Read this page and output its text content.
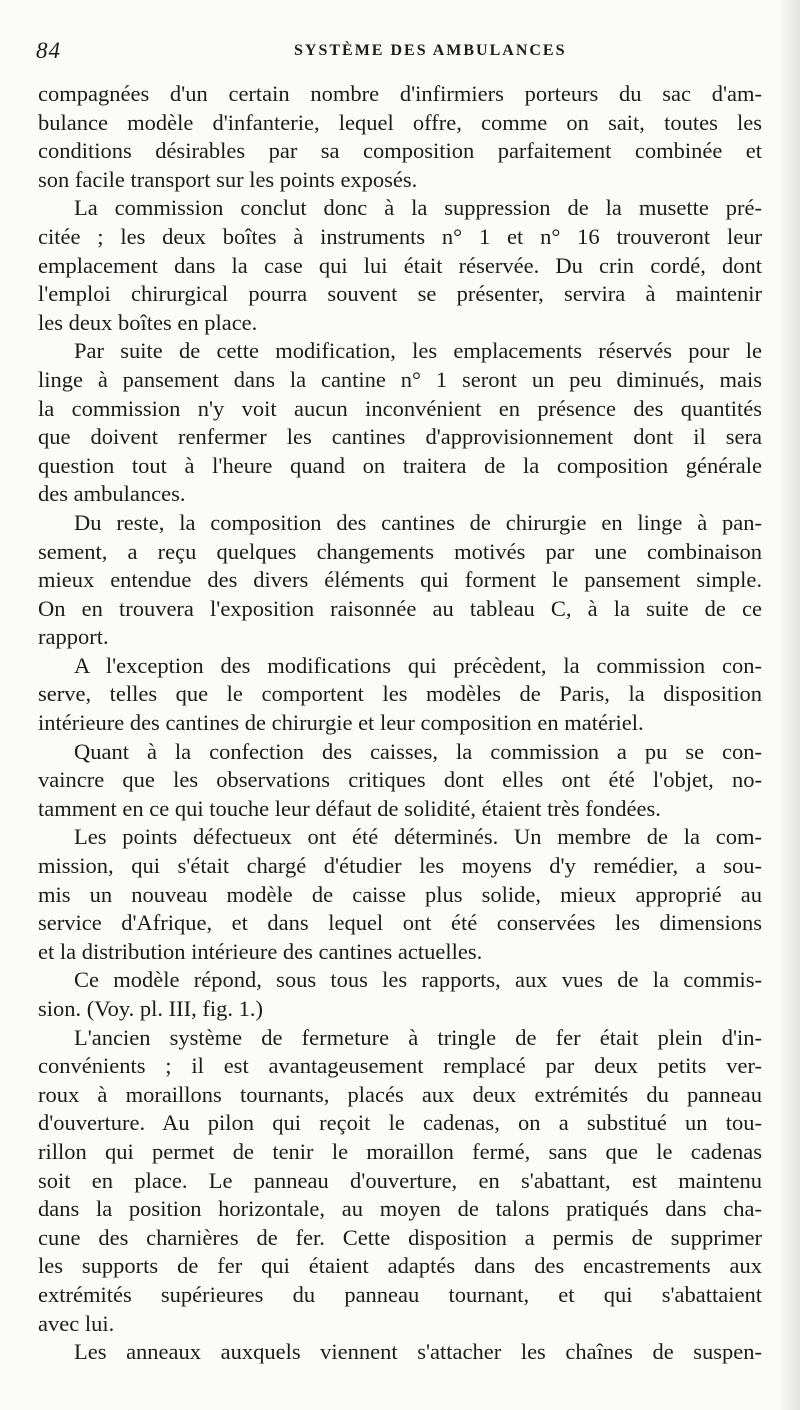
84	SYSTÈME DES AMBULANCES
compagnées d'un certain nombre d'infirmiers porteurs du sac d'am-
bulance modèle d'infanterie, lequel offre, comme on sait, toutes les
conditions désirables par sa composition parfaitement combinée et
son facile transport sur les points exposés.
La commission conclut donc à la suppression de la musette pré-
citée ; les deux boîtes à instruments n° 1 et n° 16 trouveront leur
emplacement dans la case qui lui était réservée. Du crin cordé, dont
l'emploi chirurgical pourra souvent se présenter, servira à maintenir
les deux boîtes en place.
Par suite de cette modification, les emplacements réservés pour le
linge à pansement dans la cantine n° 1 seront un peu diminués, mais
la commission n'y voit aucun inconvénient en présence des quantités
que doivent renfermer les cantines d'approvisionnement dont il sera
question tout à l'heure quand on traitera de la composition générale
des ambulances.
Du reste, la composition des cantines de chirurgie en linge à pan-
sement, a reçu quelques changements motivés par une combinaison
mieux entendue des divers éléments qui forment le pansement simple.
On en trouvera l'exposition raisonnée au tableau C, à la suite de ce
rapport.
A l'exception des modifications qui précèdent, la commission con-
serve, telles que le comportent les modèles de Paris, la disposition
intérieure des cantines de chirurgie et leur composition en matériel.
Quant à la confection des caisses, la commission a pu se con-
vaincre que les observations critiques dont elles ont été l'objet, no-
tamment en ce qui touche leur défaut de solidité, étaient très fondées.
Les points défectueux ont été déterminés. Un membre de la com-
mission, qui s'était chargé d'étudier les moyens d'y remédier, a sou-
mis un nouveau modèle de caisse plus solide, mieux approprié au
service d'Afrique, et dans lequel ont été conservées les dimensions
et la distribution intérieure des cantines actuelles.
Ce modèle répond, sous tous les rapports, aux vues de la commis-
sion. (Voy. pl. III, fig. 1.)
L'ancien système de fermeture à tringle de fer était plein d'in-
convénients ; il est avantageusement remplacé par deux petits ver-
roux à moraillons tournants, placés aux deux extrémités du panneau
d'ouverture. Au pilon qui reçoit le cadenas, on a substitué un tou-
rillon qui permet de tenir le moraillon fermé, sans que le cadenas
soit en place. Le panneau d'ouverture, en s'abattant, est maintenu
dans la position horizontale, au moyen de talons pratiqués dans cha-
cune des charnières de fer. Cette disposition a permis de supprimer
les supports de fer qui étaient adaptés dans des encastrements aux
extrémités supérieures du panneau tournant, et qui s'abattaient
avec lui.
Les anneaux auxquels viennent s'attacher les chaînes de suspen-
